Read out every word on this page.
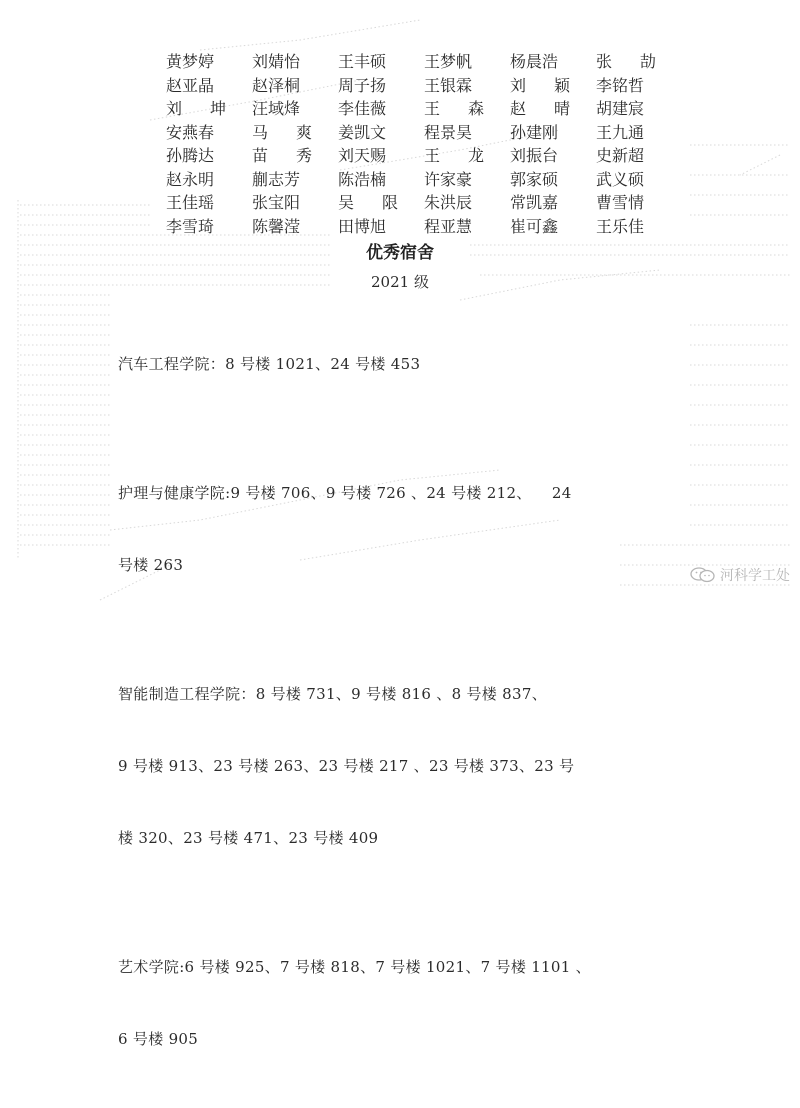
黄梦婷	刘婧怡	王丰硕	王梦帆	杨晨浩	张 劼
赵亚晶	赵泽桐	周子扬	王银霖	刘 颖 李铭哲
刘 坤 汪域烽	李佳薇	王 森 赵 晴 胡建宸
安燕春	马 爽 姜凯文	程景昊	孙建刚	王九通
孙腾达	苗 秀 刘天赐	王 龙 刘振台	史新超
赵永明	蒯志芳	陈浩楠	许家豪	郭家硕	武义硕
王佳瑶	张宝阳	吴 限 朱洪辰	常凯嘉	曹雪情
李雪琦	陈馨滢	田博旭	程亚慧	崔可鑫	王乐佳
优秀宿舍
2021 级

汽车工程学院：8 号楼 1021、24 号楼 453

护理与健康学院:9 号楼 706、9 号楼 726 、24 号楼 212、    24

号楼 263

智能制造工程学院：8 号楼 731、9 号楼 816 、8 号楼 837、

9 号楼 913、23 号楼 263、23 号楼 217 、23 号楼 373、23 号

楼 320、23 号楼 471、23 号楼 409

艺术学院:6 号楼 925、7 号楼 818、7 号楼 1021、7 号楼 1101 、

6 号楼 905

河科学工处
